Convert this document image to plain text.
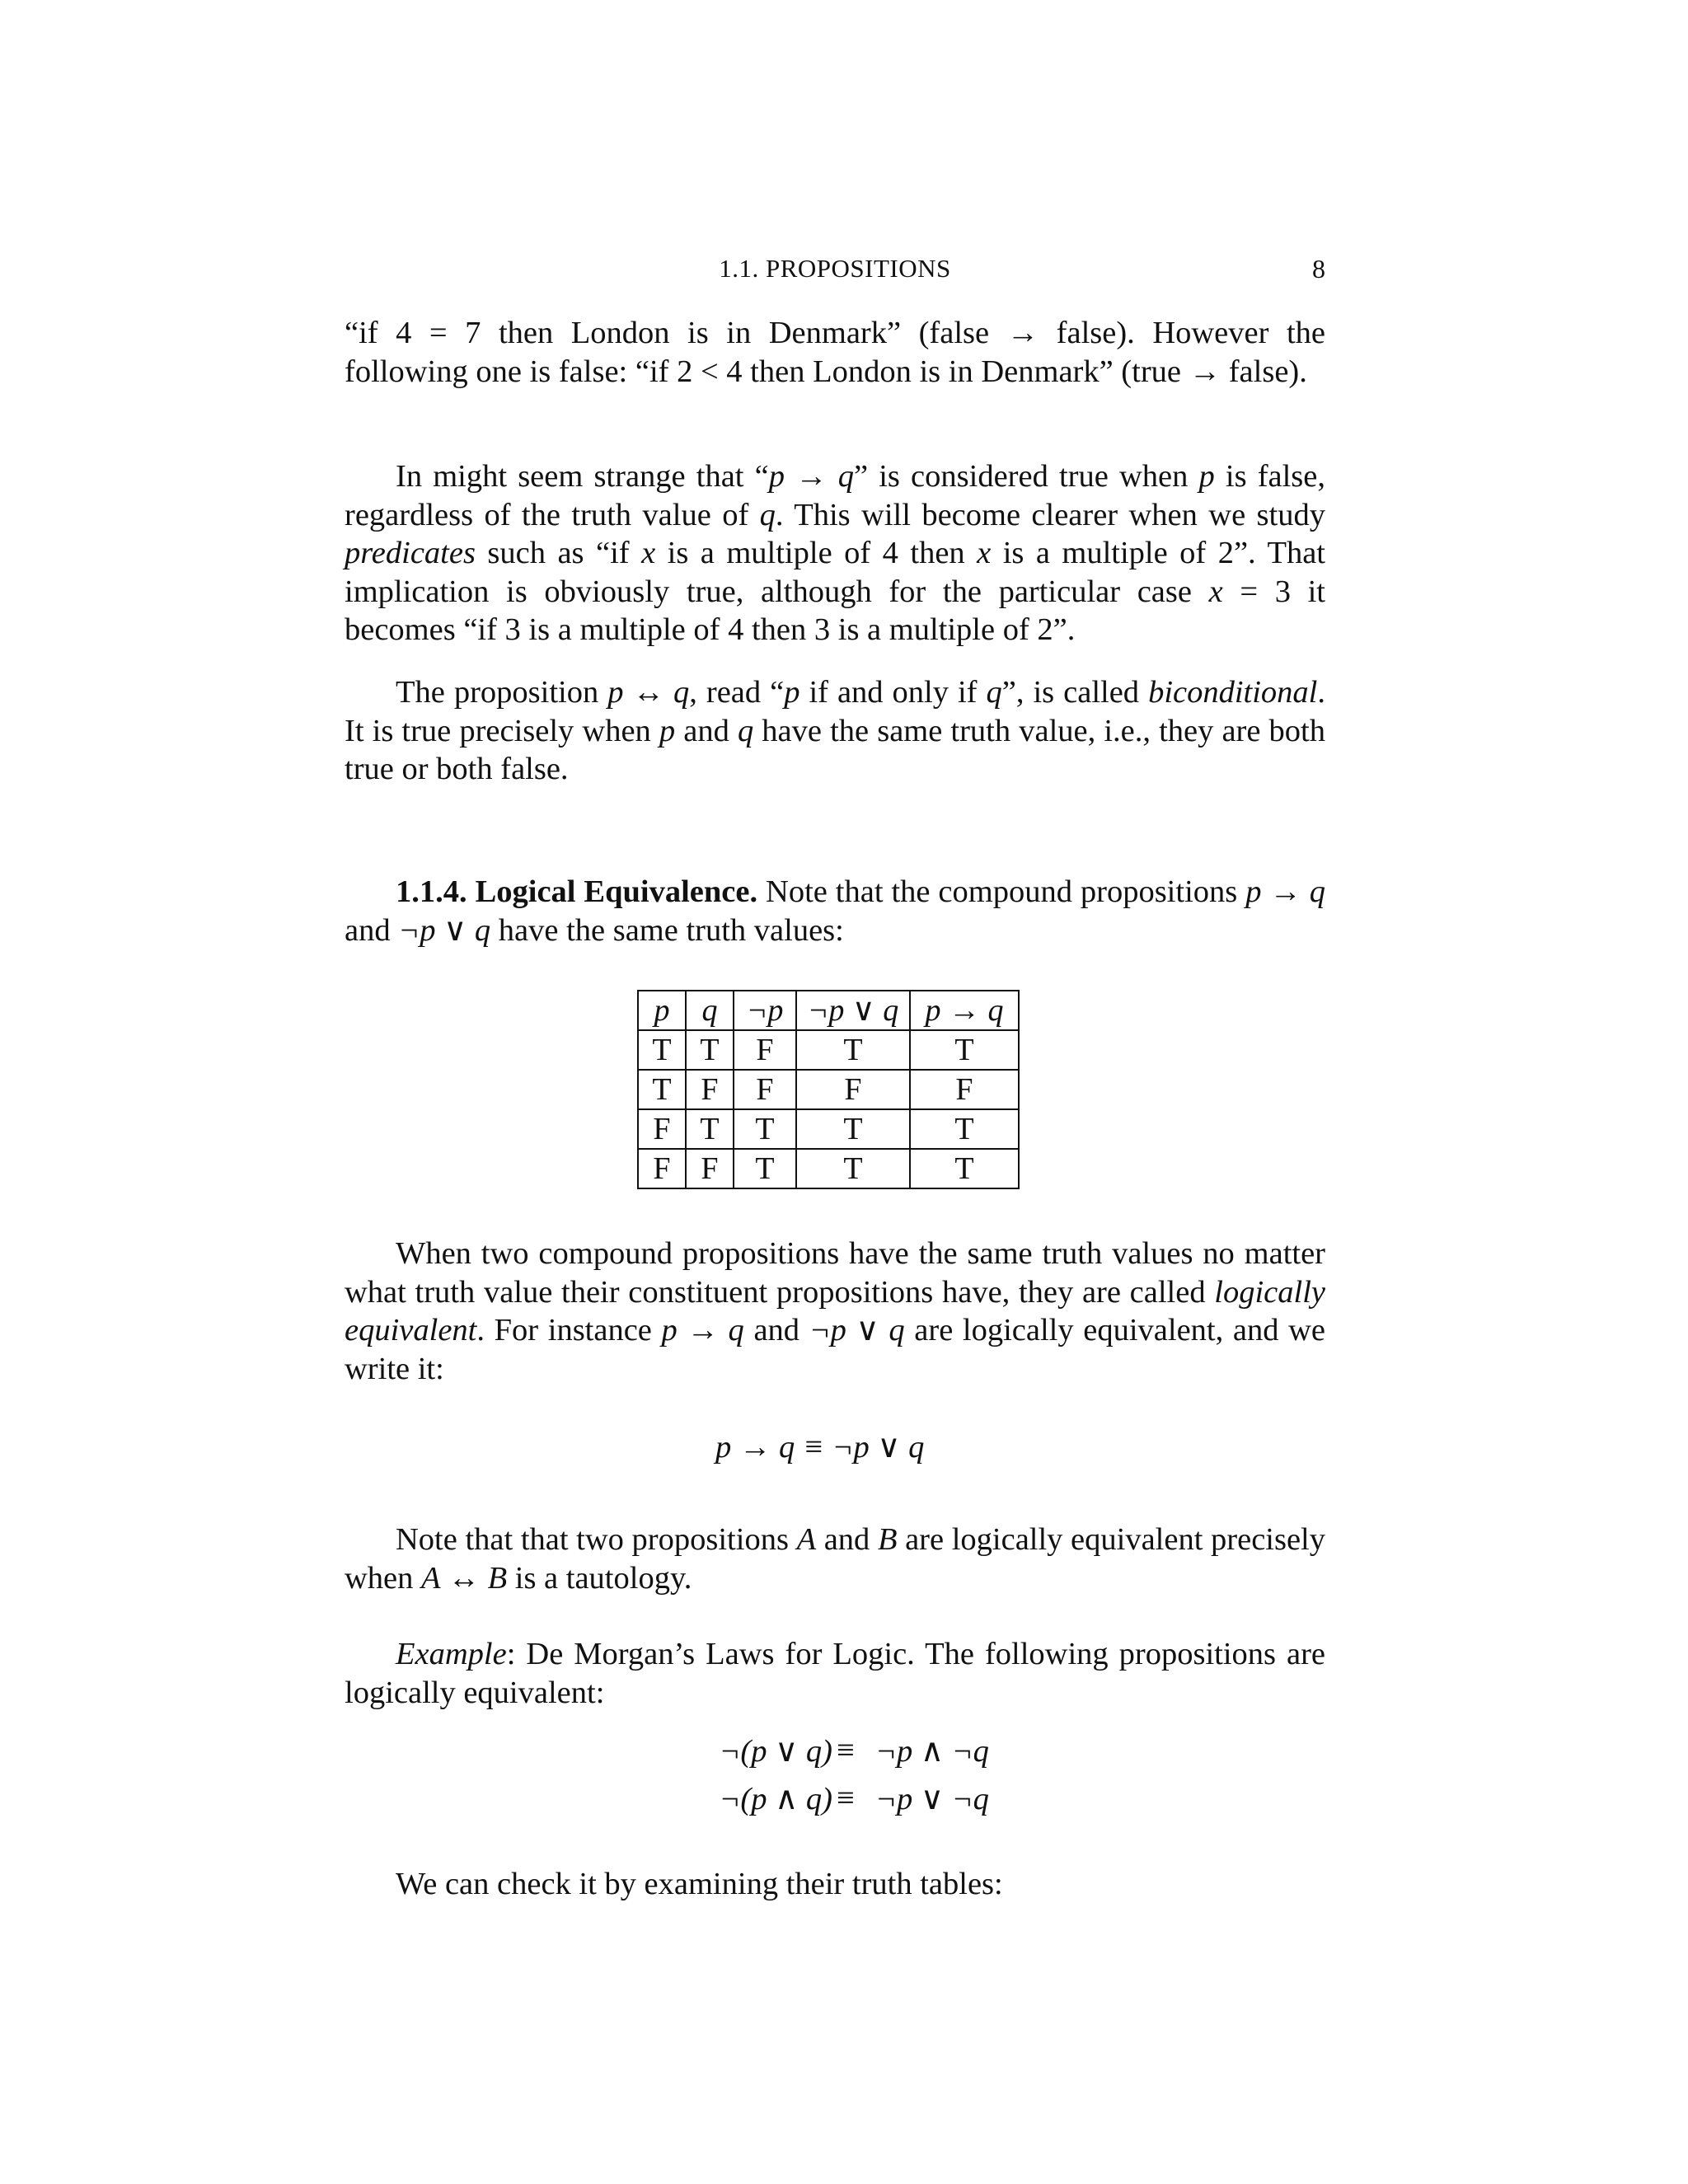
1.1. PROPOSITIONS	8

“if 4 = 7 then London is in Denmark” (false → false). However the following one is false: “if 2 < 4 then London is in Denmark” (true → false).

In might seem strange that “p → q” is considered true when p is false, regardless of the truth value of q. This will become clearer when we study predicates such as “if x is a multiple of 4 then x is a multiple of 2”. That implication is obviously true, although for the particular case x = 3 it becomes “if 3 is a multiple of 4 then 3 is a multiple of 2”.

The proposition p ↔ q, read “p if and only if q”, is called biconditional. It is true precisely when p and q have the same truth value, i.e., they are both true or both false.

1.1.4. Logical Equivalence. Note that the compound propositions p → q and ¬p ∨ q have the same truth values:

p	q	¬p	¬p ∨ q	p → q
T	T	F	T	T
T	F	F	F	F
F	T	T	T	T
F	F	T	T	T

When two compound propositions have the same truth values no matter what truth value their constituent propositions have, they are called logically equivalent. For instance p → q and ¬p ∨ q are logically equivalent, and we write it:

p → q ≡ ¬p ∨ q

Note that that two propositions A and B are logically equivalent precisely when A ↔ B is a tautology.

Example: De Morgan’s Laws for Logic. The following propositions are logically equivalent:

¬(p ∨ q) ≡ ¬p ∧ ¬q
¬(p ∧ q) ≡ ¬p ∨ ¬q

We can check it by examining their truth tables:
